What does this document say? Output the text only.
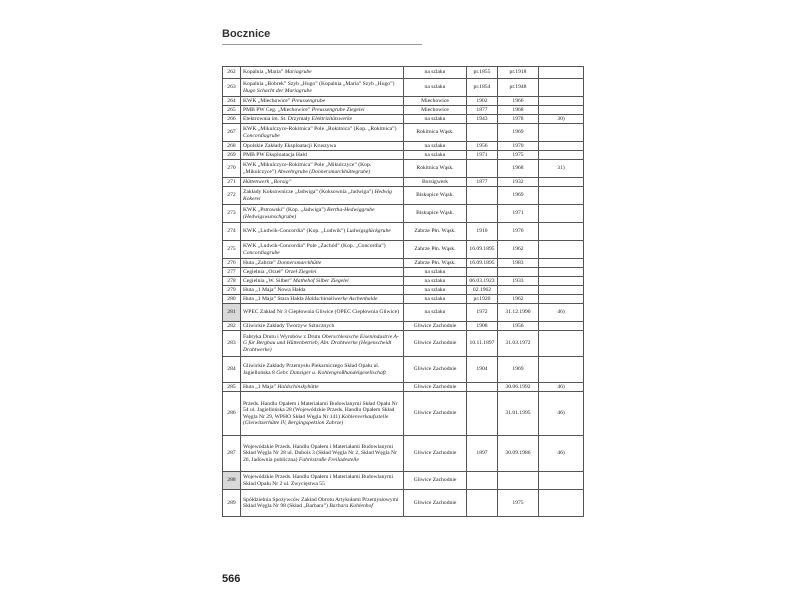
Bocznice
262	Kopalnia „Maria” Mariagrube	na szlaku	pr.1855	pr.1918	
263	Kopalnia „Bobrek” Szyb „Hugo” (Kopalnia „Maria” Szyb „Hugo”) Hugo Schacht der Mariagrube	na szlaku	pr.1854	pr.1948	
264	KWK „Miechowice” Preussengrube	Miechowice	1902	1966	
265	PMB PW Ceg. „Miechowice” Preussengrube Ziegelei	Miechowice	1877	1968	
266	Elektrownia im. St. Drzymały Elektrizitätswerke	na szlaku	1943	1978	30)
267	KWK „Mikulczyce-Rokitnica” Pole „Rokitnica” (Kop. „Rokitnica”) Concordiagrube	Rokitnica Wąsk.		1969	
268	Opolskie Zakłady Eksploatacji Kruszywa	na szlaku	1956	1970	
269	PMB PW Eksploatacja Hałd	na szlaku	1971	1975	
270	KWK „Mikulczyce-Rokitnica” Pole „Mikulczyce” (Kop. „Mikulczyce”) Abwehrgrube (Donnersmarckhüttegrube)	Rokitnica Wąsk.		1968	31)
271	Hüttenwerk „Borsig”	Borsigwerk	1877	1932	
272	Zakłady Koksownicze „Jadwiga” (Koksownia „Jadwiga”) Hedwig Kokerei	Biskupice Wąsk.		1969	
273	KWK „Pstrowski” (Kop. „Jadwiga”) Bertha-Hedwiggrube (Hedwigswunschgrube)	Biskupice Wąsk.		1971	
274	KWK „Ludwik-Concordia” (Kop. „Ludwik”) Ludwigsglückgrube	Zabrze Płn. Wąsk.	1910	1976	
275	KWK „Ludwik-Concordia” Pole „Zachód” (Kop. „Concordia”) Concordiagrube	Zabrze Płn. Wąsk.	16.09.1895	1962	
276	Huta „Zabrze” Donnersmarckhütte	Zabrze Płn. Wąsk.	16.09.1895	1983	
277	Cegielnia „Orzeł” Orzeł Ziegelei	na szlaku			
278	Cegielnia „W. Silber” Mathehof Silber Ziegelei	na szlaku	06.03.1923	1933	
279	Huta „1 Maja” Nowa Hałda	na szlaku	02.1962		
280	Huta „1 Maja” Stara Hałda Haldschinskiwerke Aschenhalde	na szlaku	pr.1920	1962	
281	WPEC Zakład Nr 3 Ciepłownia Gliwice (OPEC Ciepłownia Gliwice)	na szlaku	1972	31.12.1990	46)
282	Gliwickie Zakłady Tworzyw Sztucznych	Gliwice Zachodnie	1908	1956	
283	Fabryka Drutu i Wyrobów z Drutu Oberschlesische Eisenindustrie A-G für Bergbau und Hüttenbetrieb, Abt. Drahtwerke (Hegenscheidt Drahtwerke)	Gliwice Zachodnie	10.11.1897	31.03.1972	
284	Gliwickie Zakłady Przemysłu Piekarniczego Skład Opału ul. Jagiellońska 8 Gebr. Danziger u. Kohlengroßhandelgesellschaft	Gliwice Zachodnie	1904	1969	
285	Huta „1 Maja” Haldschinskyhütte	Gliwice Zachodnie		30.06.1992	46)
286	Przeds. Handlu Opałem i Materiałami Budowlanymi Skład Opału Nr 54 ul. Jagiellońska 28 (Wojewódzkie Przeds. Handlu Opałem Skład Węgla Nr 29, WPHO Skład Węgla Nr 141) Kohlenverkaufsstelle (Gleiwitzerhütte IV, Bergingspektion Zabrze)	Gliwice Zachodnie		31.01.1995	46)
287	Wojewódzkie Przeds. Handlu Opałem i Materiałami Budowlanymi Skład Węgla Nr 28 ul. Dubois 3 (Skład Węgla Nr 2, Skład Węgla Nr 26, Jadownia publiczna) Fahrkstraße Freiladestelle	Gliwice Zachodnie	1897	30.09.1986	46)
288	Wojewódzkie Przeds. Handlu Opałem i Materiałami Budowlanymi Skład Opału Nr 2 ul. Zwycięstwa 55	Gliwice Zachodnie			
289	Spółdzielnia Spożywców Zakład Obrotu Artykułami Przemysłowymi Skład Węgla Nr 98 (Skład „Barbara”) Barbara Kohlenhof	Gliwice Zachodnie		1975	
566
